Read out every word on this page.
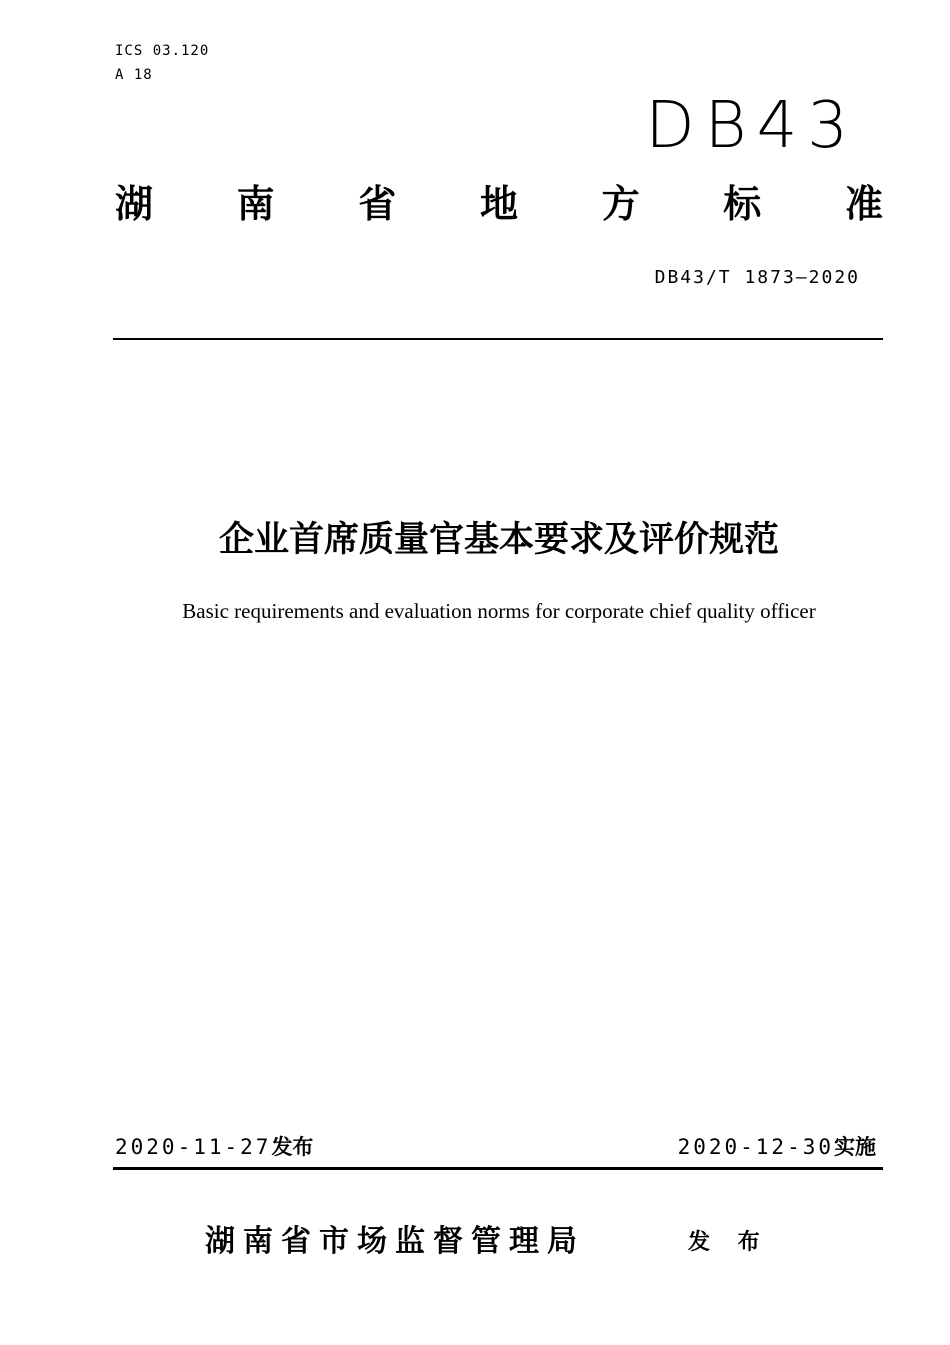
ICS 03.120
A 18
DB43
湖 南 省 地 方 标 准
DB43/T 1873—2020
企业首席质量官基本要求及评价规范
Basic requirements and evaluation norms for corporate chief quality officer
2020-11-27发布	2020-12-30实施
湖南省市场监督管理局	发 布
